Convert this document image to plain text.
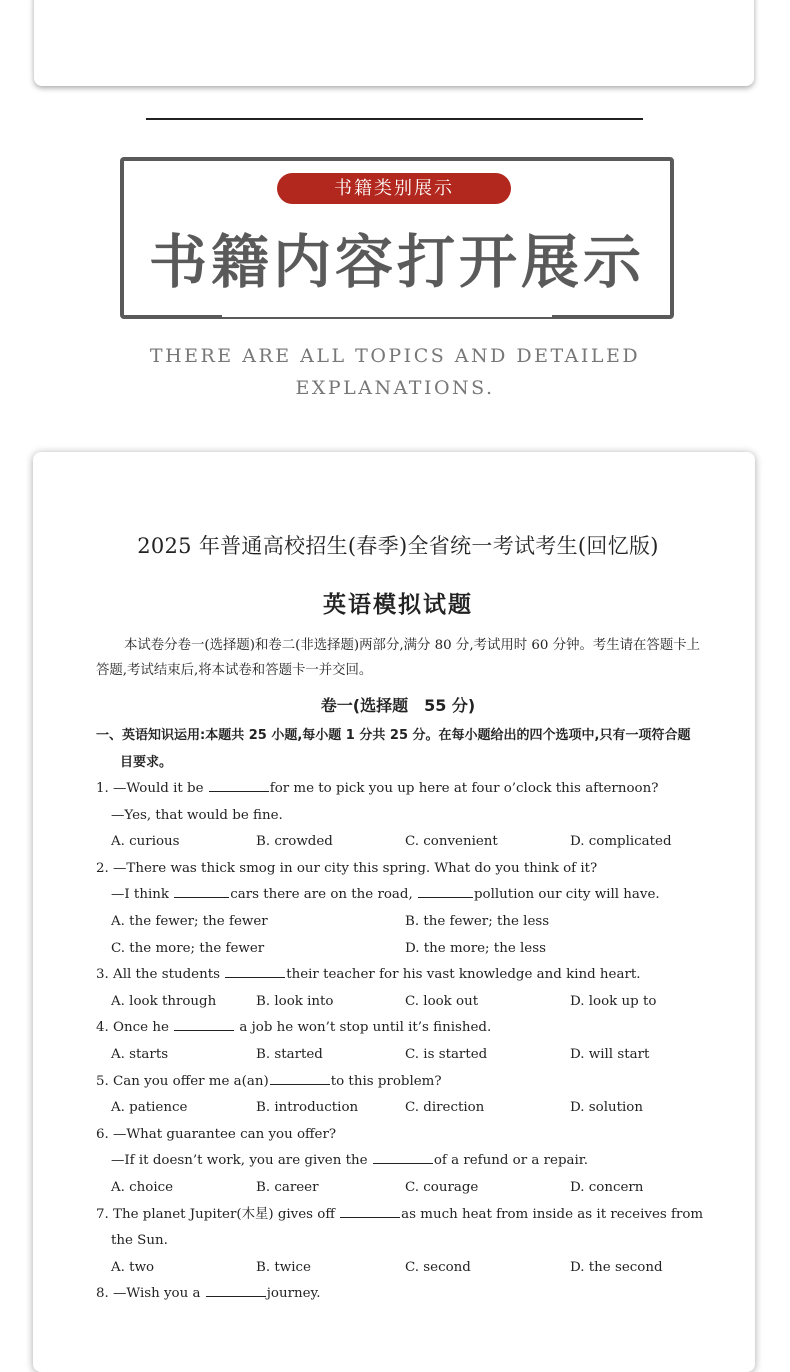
书籍类别展示
书籍内容打开展示
THERE ARE ALL TOPICS AND DETAILED
EXPLANATIONS.
2025 年普通高校招生(春季)全省统一考试考生(回忆版)
英语模拟试题

本试卷分卷一(选择题)和卷二(非选择题)两部分,满分 80 分,考试用时 60 分钟。考生请在答题卡上答题,考试结束后,将本试卷和答题卡一并交回。

卷一(选择题　55 分)

一、英语知识运用:本题共 25 小题,每小题 1 分共 25 分。在每小题给出的四个选项中,只有一项符合题目要求。

1. —Would it be	for me to pick you up here at four o’clock this afternoon?

—Yes, that would be fine.

A. curious	B. crowded	C. convenient	D. complicated

2. —There was thick smog in our city this spring. What do you think of it?

—I think	cars there are on the road,	pollution our city will have.

A. the fewer; the fewer	B. the fewer; the less
C. the more; the fewer	D. the more; the less

3. All the students	their teacher for his vast knowledge and kind heart.

A. look through	B. look into	C. look out	D. look up to

4. Once he	a job he won’t stop until it’s finished.

A. starts	B. started	C. is started	D. will start

5. Can you offer me a(an)	to this problem?

A. patience	B. introduction	C. direction	D. solution

6. —What guarantee can you offer?

—If it doesn’t work, you are given the	of a refund or a repair.

A. choice	B. career	C. courage	D. concern

7. The planet Jupiter(木星) gives off	as much heat from inside as it receives from

the Sun.

A. two	B. twice	C. second	D. the second

8. —Wish you a	journey.
